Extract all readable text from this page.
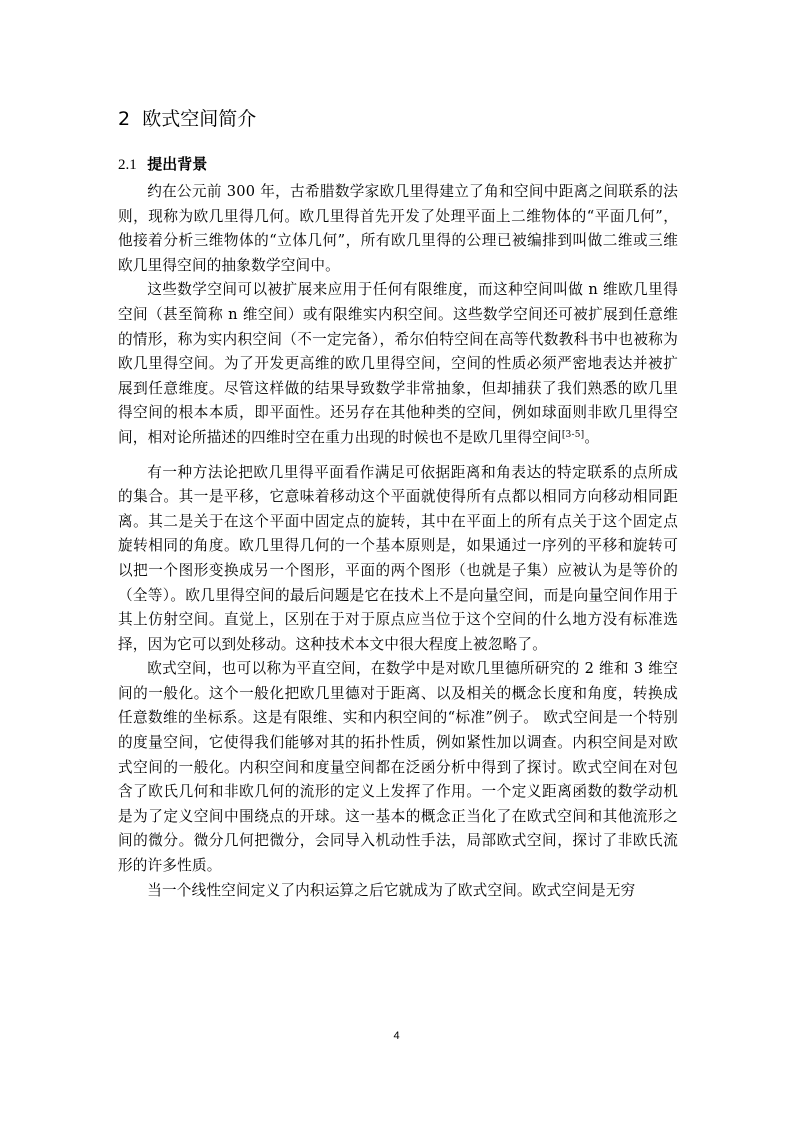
2 欧式空间简介
2.1 提出背景

约在公元前 300 年，古希腊数学家欧几里得建立了角和空间中距离之间联系的法则，现称为欧几里得几何。欧几里得首先开发了处理平面上二维物体的“平面几何”，他接着分析三维物体的“立体几何”，所有欧几里得的公理已被编排到叫做二维或三维欧几里得空间的抽象数学空间中。

这些数学空间可以被扩展来应用于任何有限维度，而这种空间叫做 n 维欧几里得空间（甚至简称 n 维空间）或有限维实内积空间。这些数学空间还可被扩展到任意维的情形，称为实内积空间（不一定完备），希尔伯特空间在高等代数教科书中也被称为欧几里得空间。为了开发更高维的欧几里得空间，空间的性质必须严密地表达并被扩展到任意维度。尽管这样做的结果导致数学非常抽象，但却捕获了我们熟悉的欧几里得空间的根本本质，即平面性。还另存在其他种类的空间，例如球面则非欧几里得空间，相对论所描述的四维时空在重力出现的时候也不是欧几里得空间[3-5]。

有一种方法论把欧几里得平面看作满足可依据距离和角表达的特定联系的点所成的集合。其一是平移，它意味着移动这个平面就使得所有点都以相同方向移动相同距离。其二是关于在这个平面中固定点的旋转，其中在平面上的所有点关于这个固定点旋转相同的角度。欧几里得几何的一个基本原则是，如果通过一序列的平移和旋转可以把一个图形变换成另一个图形，平面的两个图形（也就是子集）应被认为是等价的（全等）。欧几里得空间的最后问题是它在技术上不是向量空间，而是向量空间作用于其上仿射空间。直觉上，区别在于对于原点应当位于这个空间的什么地方没有标准选择，因为它可以到处移动。这种技术本文中很大程度上被忽略了。

欧式空间，也可以称为平直空间，在数学中是对欧几里德所研究的 2 维和 3 维空间的一般化。这个一般化把欧几里德对于距离、以及相关的概念长度和角度，转换成任意数维的坐标系。这是有限维、实和内积空间的“标准”例子。 欧式空间是一个特别的度量空间，它使得我们能够对其的拓扑性质，例如紧性加以调查。内积空间是对欧式空间的一般化。内积空间和度量空间都在泛函分析中得到了探讨。欧式空间在对包含了欧氏几何和非欧几何的流形的定义上发挥了作用。一个定义距离函数的数学动机是为了定义空间中围绕点的开球。这一基本的概念正当化了在欧式空间和其他流形之间的微分。微分几何把微分，会同导入机动性手法，局部欧式空间，探讨了非欧氏流形的许多性质。

当一个线性空间定义了内积运算之后它就成为了欧式空间。欧式空间是无穷

4
